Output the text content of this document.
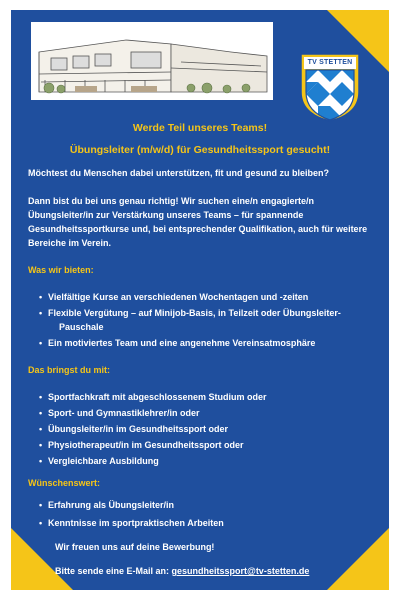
TV STETTEN
Werde Teil unseres Teams!
Übungsleiter (m/w/d) für Gesundheitssport gesucht!

Möchtest du Menschen dabei unterstützen, fit und gesund zu bleiben?

Dann bist du bei uns genau richtig! Wir suchen eine/n engagierte/n Übungsleiter/in zur Verstärkung unseres Teams – für spannende Gesundheitssportkurse und, bei entsprechender Qualifikation, auch für weitere Bereiche im Verein.

Was wir bieten:
• Vielfältige Kurse an verschiedenen Wochentagen und -zeiten
• Flexible Vergütung – auf Minijob-Basis, in Teilzeit oder Übungsleiter-
Pauschale
• Ein motiviertes Team und eine angenehme Vereinsatmosphäre
Das bringst du mit:
• Sportfachkraft mit abgeschlossenem Studium oder
• Sport- und Gymnastiklehrer/in oder
• Übungsleiter/in im Gesundheitssport oder
• Physiotherapeut/in im Gesundheitssport oder
• Vergleichbare Ausbildung
Wünschenswert:
• Erfahrung als Übungsleiter/in
• Kenntnisse im sportpraktischen Arbeiten

Wir freuen uns auf deine Bewerbung!

Bitte sende eine E-Mail an: gesundheitssport@tv-stetten.de
